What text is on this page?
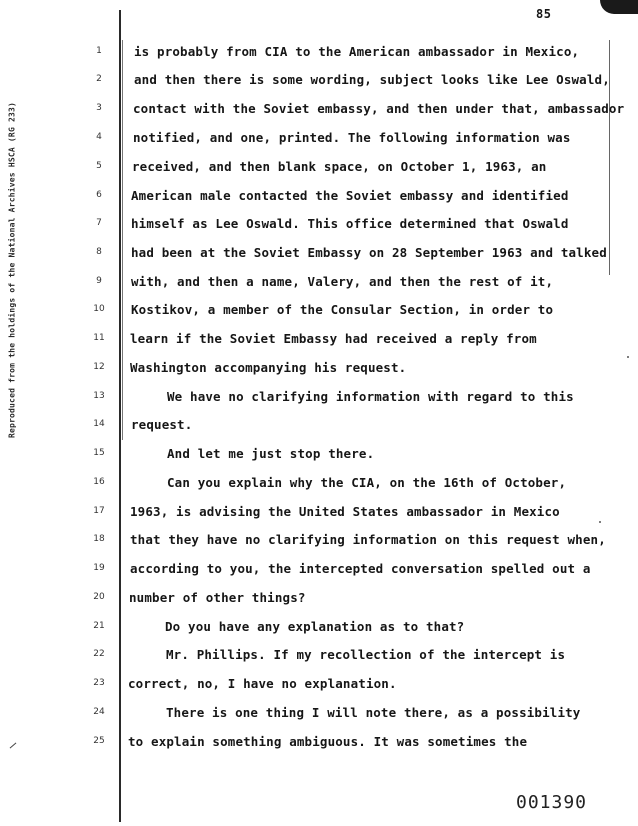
85
Reproduced from the holdings of the National Archives HSCA (RG 233)
1	is probably from CIA to the American ambassador in Mexico,
2	and then there is some wording, subject looks like Lee Oswald,
3	contact with the Soviet embassy, and then under that, ambassador
4	notified, and one, printed. The following information was
5	received, and then blank space, on October 1, 1963, an
6	American male contacted the Soviet embassy and identified
7	himself as Lee Oswald. This office determined that Oswald
8	had been at the Soviet Embassy on 28 September 1963 and talked
9	with, and then a name, Valery, and then the rest of it,
10	Kostikov, a member of the Consular Section, in order to
11	learn if the Soviet Embassy had received a reply from
12	Washington accompanying his request.
13	We have no clarifying information with regard to this
14	request.
15	And let me just stop there.
16	Can you explain why the CIA, on the 16th of October,
17	1963, is advising the United States ambassador in Mexico
18	that they have no clarifying information on this request when,
19	according to you, the intercepted conversation spelled out a
20	number of other things?
21	Do you have any explanation as to that?
22	Mr. Phillips. If my recollection of the intercept is
23	correct, no, I have no explanation.
24	There is one thing I will note there, as a possibility
25	to explain something ambiguous. It was sometimes the
001390
